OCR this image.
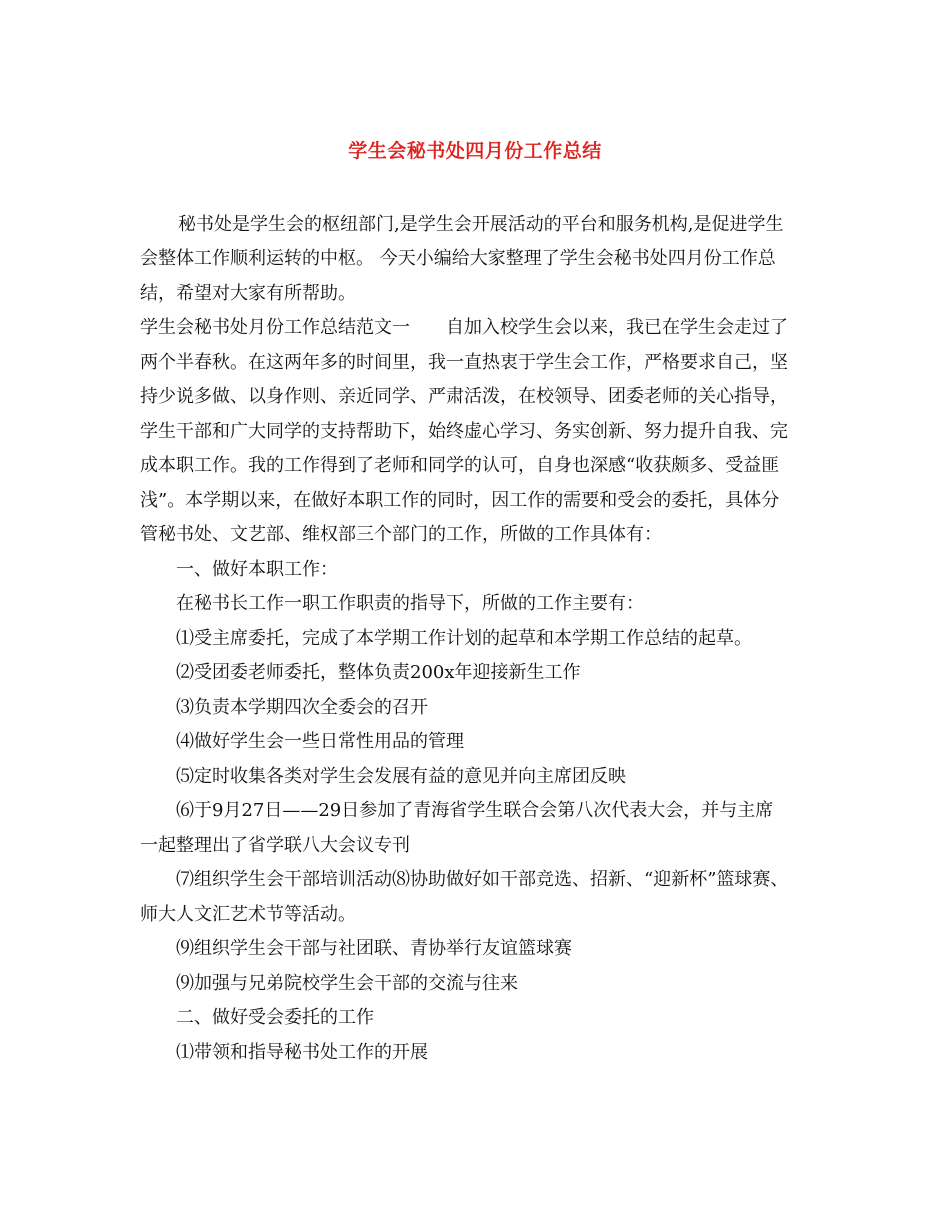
学生会秘书处四月份工作总结
秘书处是学生会的枢纽部门,是学生会开展活动的平台和服务机构,是促进学生
会整体工作顺利运转的中枢。 今天小编给大家整理了学生会秘书处四月份工作总
结，希望对大家有所帮助。
学生会秘书处月份工作总结范文一　　自加入校学生会以来，我已在学生会走过了
两个半春秋。在这两年多的时间里，我一直热衷于学生会工作，严格要求自己，坚
持少说多做、以身作则、亲近同学、严肃活泼，在校领导、团委老师的关心指导，
学生干部和广大同学的支持帮助下，始终虚心学习、务实创新、努力提升自我、完
成本职工作。我的工作得到了老师和同学的认可，自身也深感“收获颇多、受益匪
浅”。本学期以来，在做好本职工作的同时，因工作的需要和受会的委托，具体分
管秘书处、文艺部、维权部三个部门的工作，所做的工作具体有：
一、做好本职工作：
在秘书长工作一职工作职责的指导下，所做的工作主要有：
⑴受主席委托，完成了本学期工作计划的起草和本学期工作总结的起草。
⑵受团委老师委托，整体负责200x年迎接新生工作
⑶负责本学期四次全委会的召开
⑷做好学生会一些日常性用品的管理
⑸定时收集各类对学生会发展有益的意见并向主席团反映
⑹于9月27日——29日参加了青海省学生联合会第八次代表大会，并与主席
一起整理出了省学联八大会议专刊
⑺组织学生会干部培训活动⑻协助做好如干部竞选、招新、“迎新杯”篮球赛、
师大人文汇艺术节等活动。
⑼组织学生会干部与社团联、青协举行友谊篮球赛
⑼加强与兄弟院校学生会干部的交流与往来
二、做好受会委托的工作
⑴带领和指导秘书处工作的开展
